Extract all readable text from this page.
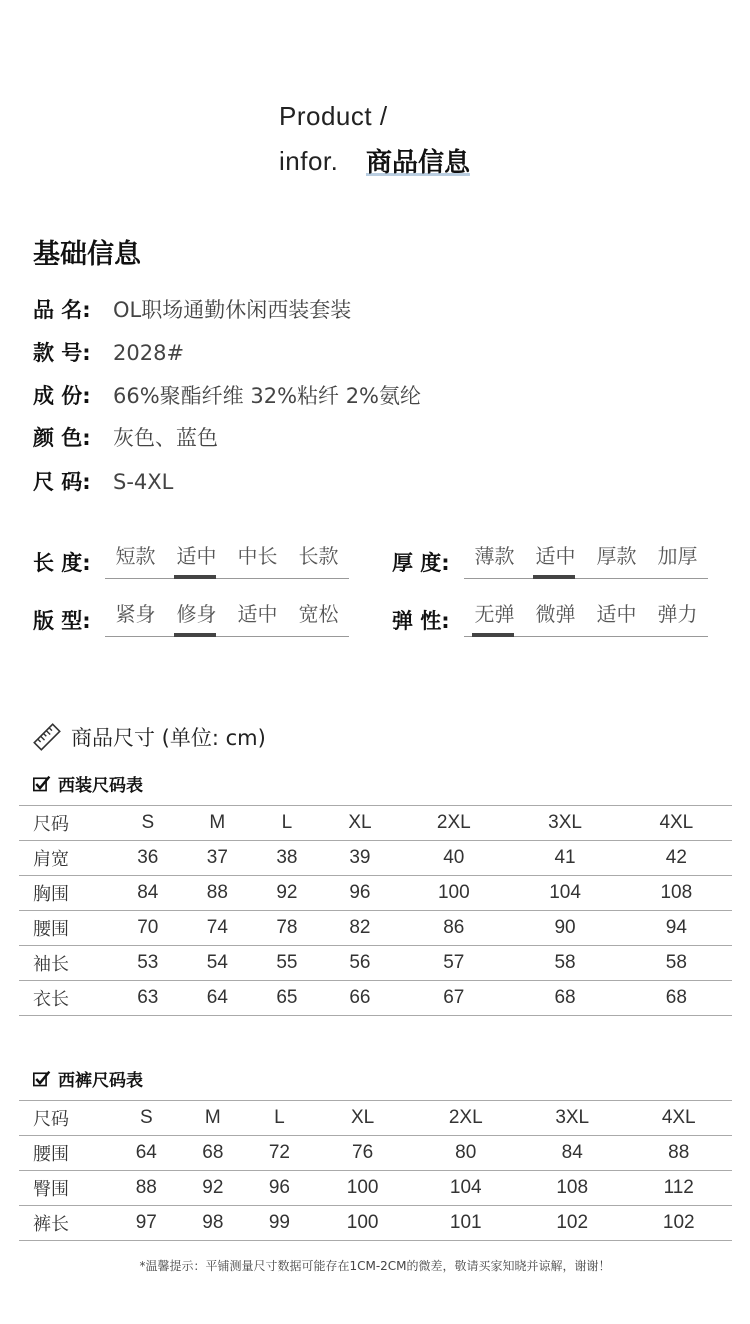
Product /
infor. 商品信息
基础信息
品 名:	OL职场通勤休闲西装套装
款 号:	2028#
成 份:	66%聚酯纤维 32%粘纤 2%氨纶
颜 色:	灰色、蓝色
尺 码:	S-4XL
长 度:	短款	适中	中长	长款	厚 度:	薄款	适中	厚款	加厚
版 型:	紧身	修身	适中	宽松	弹 性:	无弹	微弹	适中	弹力
商品尺寸 (单位: cm)
西装尺码表
尺码	S	M	L	XL	2XL	3XL	4XL
肩宽	36	37	38	39	40	41	42
胸围	84	88	92	96	100	104	108
腰围	70	74	78	82	86	90	94
袖长	53	54	55	56	57	58	58
衣长	63	64	65	66	67	68	68
西裤尺码表
尺码	S	M	L	XL	2XL	3XL	4XL
腰围	64	68	72	76	80	84	88
臀围	88	92	96	100	104	108	112
裤长	97	98	99	100	101	102	102
*温馨提示：平铺测量尺寸数据可能存在1CM-2CM的微差，敬请买家知晓并谅解，谢谢！
